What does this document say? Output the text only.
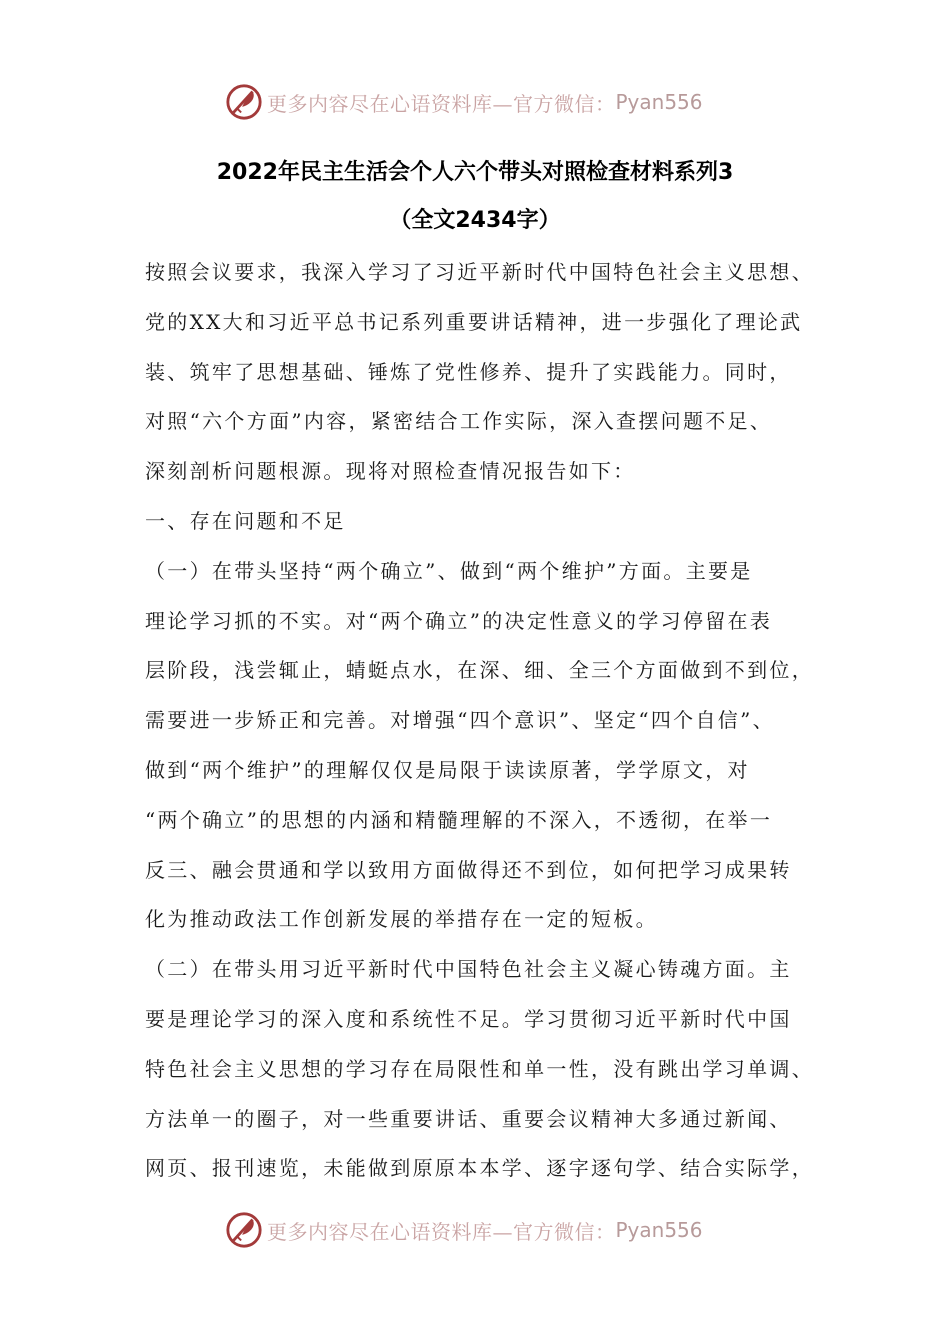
更多内容尽在心语资料库—官方微信： Pyan556
2022年民主生活会个人六个带头对照检查材料系列3
（全文2434字）
按照会议要求，我深入学习了习近平新时代中国特色社会主义思想、
党的XX大和习近平总书记系列重要讲话精神，进一步强化了理论武
装、筑牢了思想基础、锤炼了党性修养、提升了实践能力。同时，
对照“六个方面”内容，紧密结合工作实际，深入查摆问题不足、
深刻剖析问题根源。现将对照检查情况报告如下：
一、存在问题和不足
（一）在带头坚持“两个确立”、做到“两个维护”方面。主要是
理论学习抓的不实。对“两个确立”的决定性意义的学习停留在表
层阶段，浅尝辄止，蜻蜓点水，在深、细、全三个方面做到不到位，
需要进一步矫正和完善。对增强“四个意识”、坚定“四个自信”、
做到“两个维护”的理解仅仅是局限于读读原著，学学原文，对
“两个确立”的思想的内涵和精髓理解的不深入，不透彻，在举一
反三、融会贯通和学以致用方面做得还不到位，如何把学习成果转
化为推动政法工作创新发展的举措存在一定的短板。
（二）在带头用习近平新时代中国特色社会主义凝心铸魂方面。主
要是理论学习的深入度和系统性不足。学习贯彻习近平新时代中国
特色社会主义思想的学习存在局限性和单一性，没有跳出学习单调、
方法单一的圈子，对一些重要讲话、重要会议精神大多通过新闻、
网页、报刊速览，未能做到原原本本学、逐字逐句学、结合实际学，
更多内容尽在心语资料库—官方微信： Pyan556
